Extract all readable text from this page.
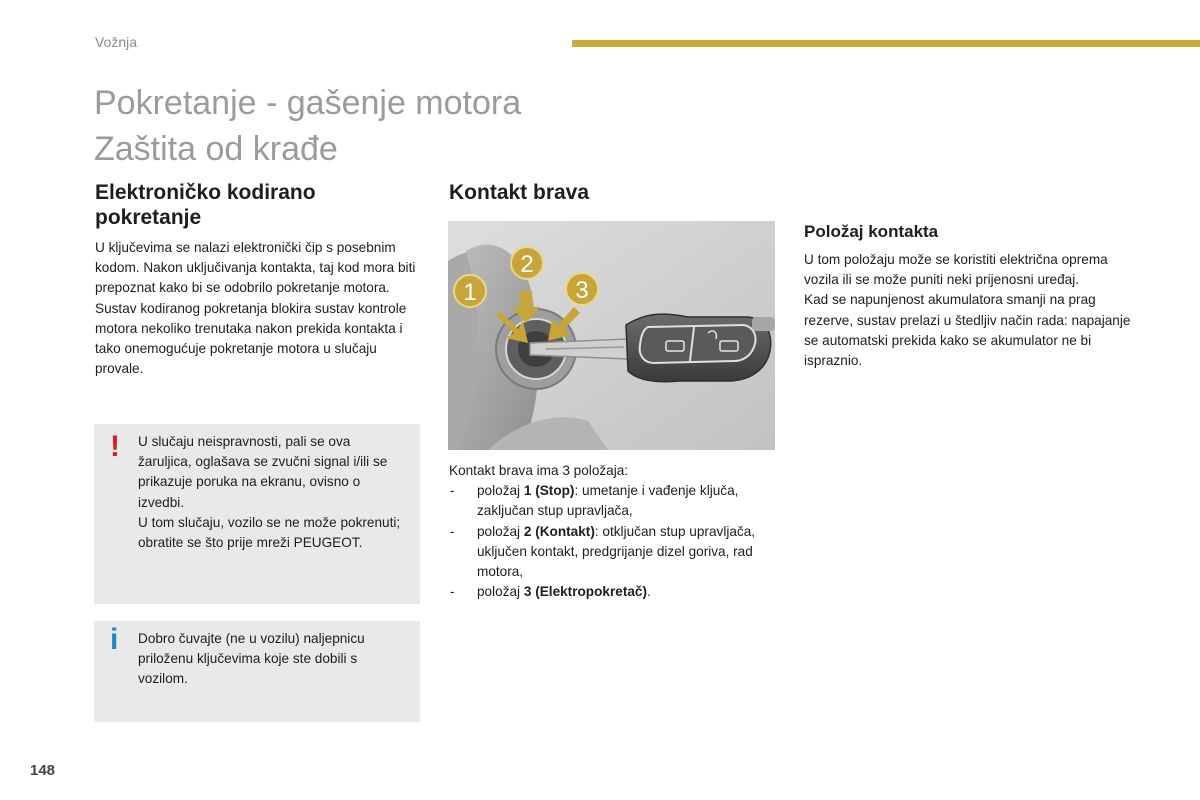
Vožnja
Pokretanje - gašenje motora
Zaštita od krađe
Elektroničko kodirano pokretanje

U ključevima se nalazi elektronički čip s posebnim kodom. Nakon uključivanja kontakta, taj kod mora biti prepoznat kako bi se odobrilo pokretanje motora.

Sustav kodiranog pokretanja blokira sustav kontrole motora nekoliko trenutaka nakon prekida kontakta i tako onemogućuje pokretanje motora u slučaju provale.

! U slučaju neispravnosti, pali se ova žaruljica, oglašava se zvučni signal i/ili se prikazuje poruka na ekranu, ovisno o izvedbi.

U tom slučaju, vozilo se ne može pokrenuti; obratite se što prije mreži PEUGEOT.

i Dobro čuvajte (ne u vozilu) naljepnicu priloženu ključevima koje ste dobili s vozilom.

Kontakt brava
1
2
3

Kontakt brava ima 3 položaja:

- položaj 1 (Stop): umetanje i vađenje ključa, zaključan stup upravljača,
- položaj 2 (Kontakt): otključan stup upravljača, uključen kontakt, predgrijanje dizel goriva, rad motora,
- položaj 3 (Elektropokretač).
Položaj kontakta

U tom položaju može se koristiti električna oprema vozila ili se može puniti neki prijenosni uređaj.

Kad se napunjenost akumulatora smanji na prag rezerve, sustav prelazi u štedljiv način rada: napajanje se automatski prekida kako se akumulator ne bi ispraznio.

148
